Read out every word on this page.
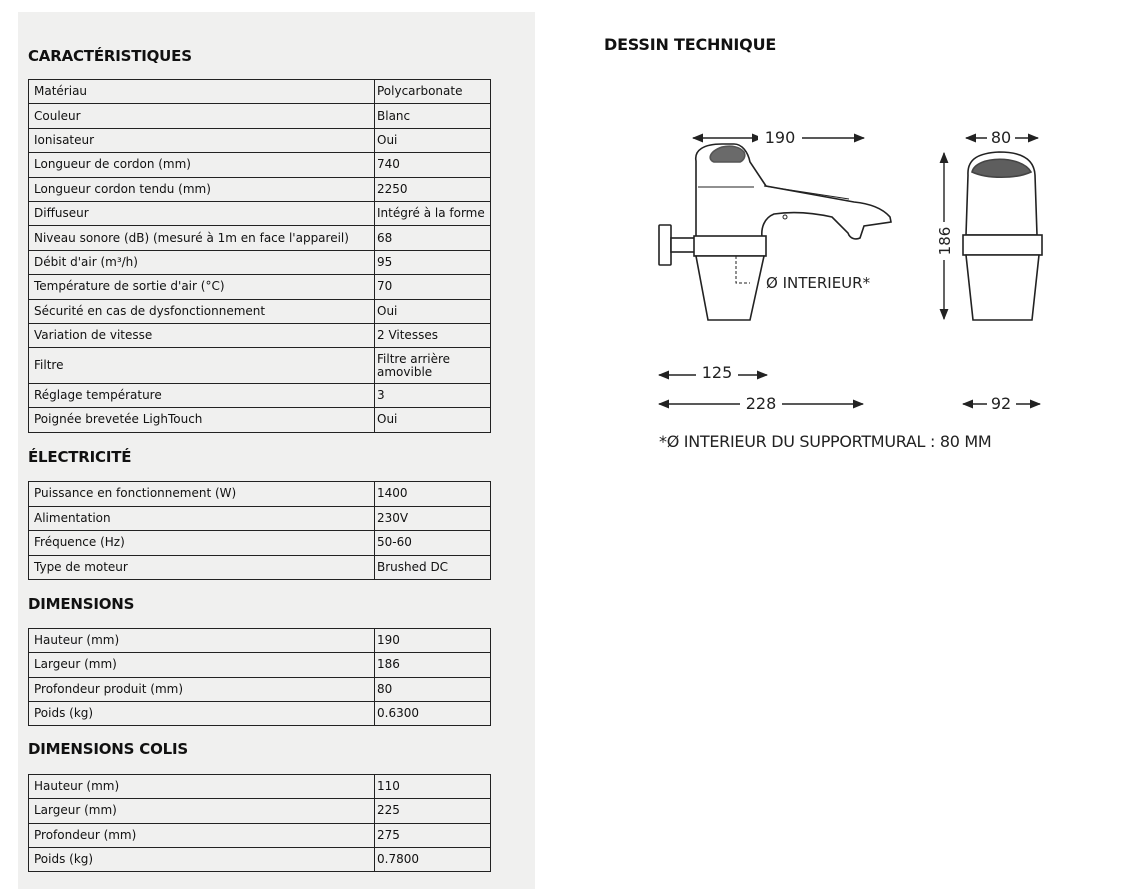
CARACTÉRISTIQUES
Matériau	Polycarbonate
Couleur	Blanc
Ionisateur	Oui
Longueur de cordon (mm)	740
Longueur cordon tendu (mm)	2250
Diffuseur	Intégré à la forme
Niveau sonore (dB) (mesuré à 1m en face l'appareil)	68
Débit d'air (m³/h)	95
Température de sortie d'air (°C)	70
Sécurité en cas de dysfonctionnement	Oui
Variation de vitesse	2 Vitesses
Filtre	Filtre arrière amovible
Réglage température	3
Poignée brevetée LighTouch	Oui
ÉLECTRICITÉ
Puissance en fonctionnement (W)	1400
Alimentation	230V
Fréquence (Hz)	50-60
Type de moteur	Brushed DC
DIMENSIONS
Hauteur (mm)	190
Largeur (mm)	186
Profondeur produit (mm)	80
Poids (kg)	0.6300
DIMENSIONS COLIS
Hauteur (mm)	110
Largeur (mm)	225
Profondeur (mm)	275
Poids (kg)	0.7800
DESSIN TECHNIQUE
190	80
186
Ø INTERIEUR*
125
228	92
*Ø INTERIEUR DU SUPPORTMURAL : 80 MM
